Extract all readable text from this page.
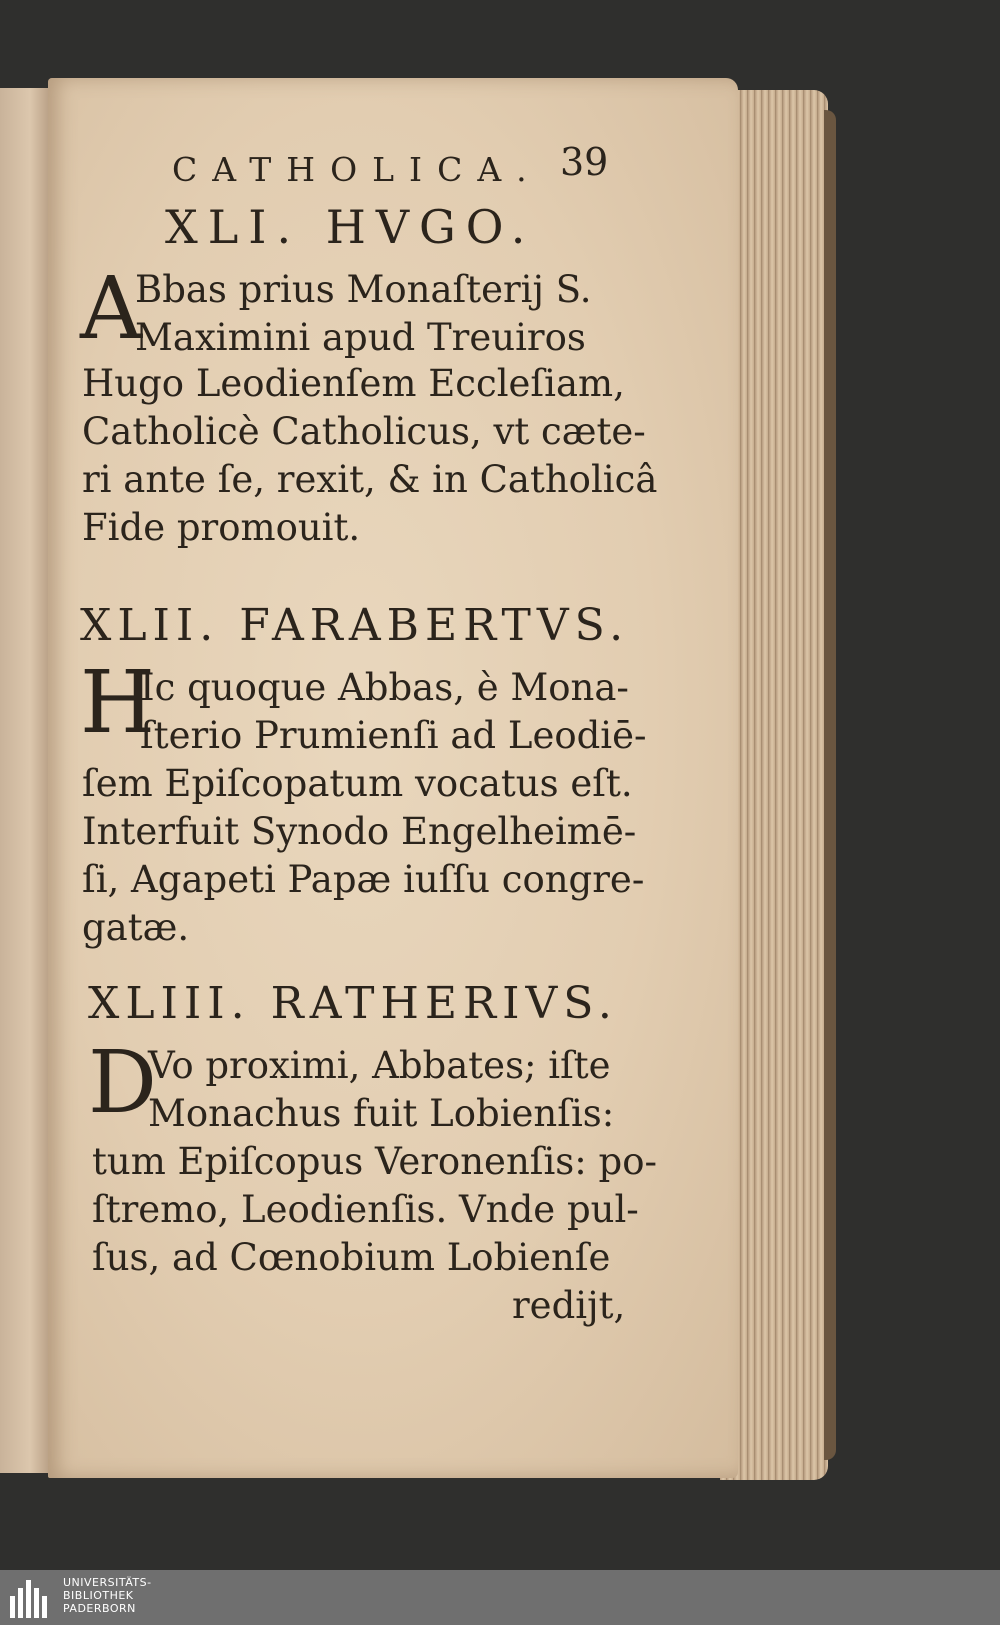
CATHOLICA. 39
XLI. HVGO.
A
Bbas prius Monaſterij S.
Maximini apud Treuiros
Hugo Leodienſem Eccleſiam,
Catholicè Catholicus, vt cæte-
ri ante ſe, rexit, & in Catholicâ
Fide promouit.
XLII. FARABERTVS.
H
Ic quoque Abbas, è Mona-
ſterio Prumienſi ad Leodiē-
ſem Epiſcopatum vocatus eſt.
Interfuit Synodo Engelheimē-
ſi, Agapeti Papæ iuſſu congre-
gatæ.
XLIII. RATHERIVS.
D
Vo proximi, Abbates; iſte
Monachus fuit Lobienſis:
tum Epiſcopus Veronenſis: po-
ſtremo, Leodienſis. Vnde pul-
ſus, ad Cœnobium Lobienſe
redijt,
UNIVERSITÄTS-
BIBLIOTHEK
PADERBORN
